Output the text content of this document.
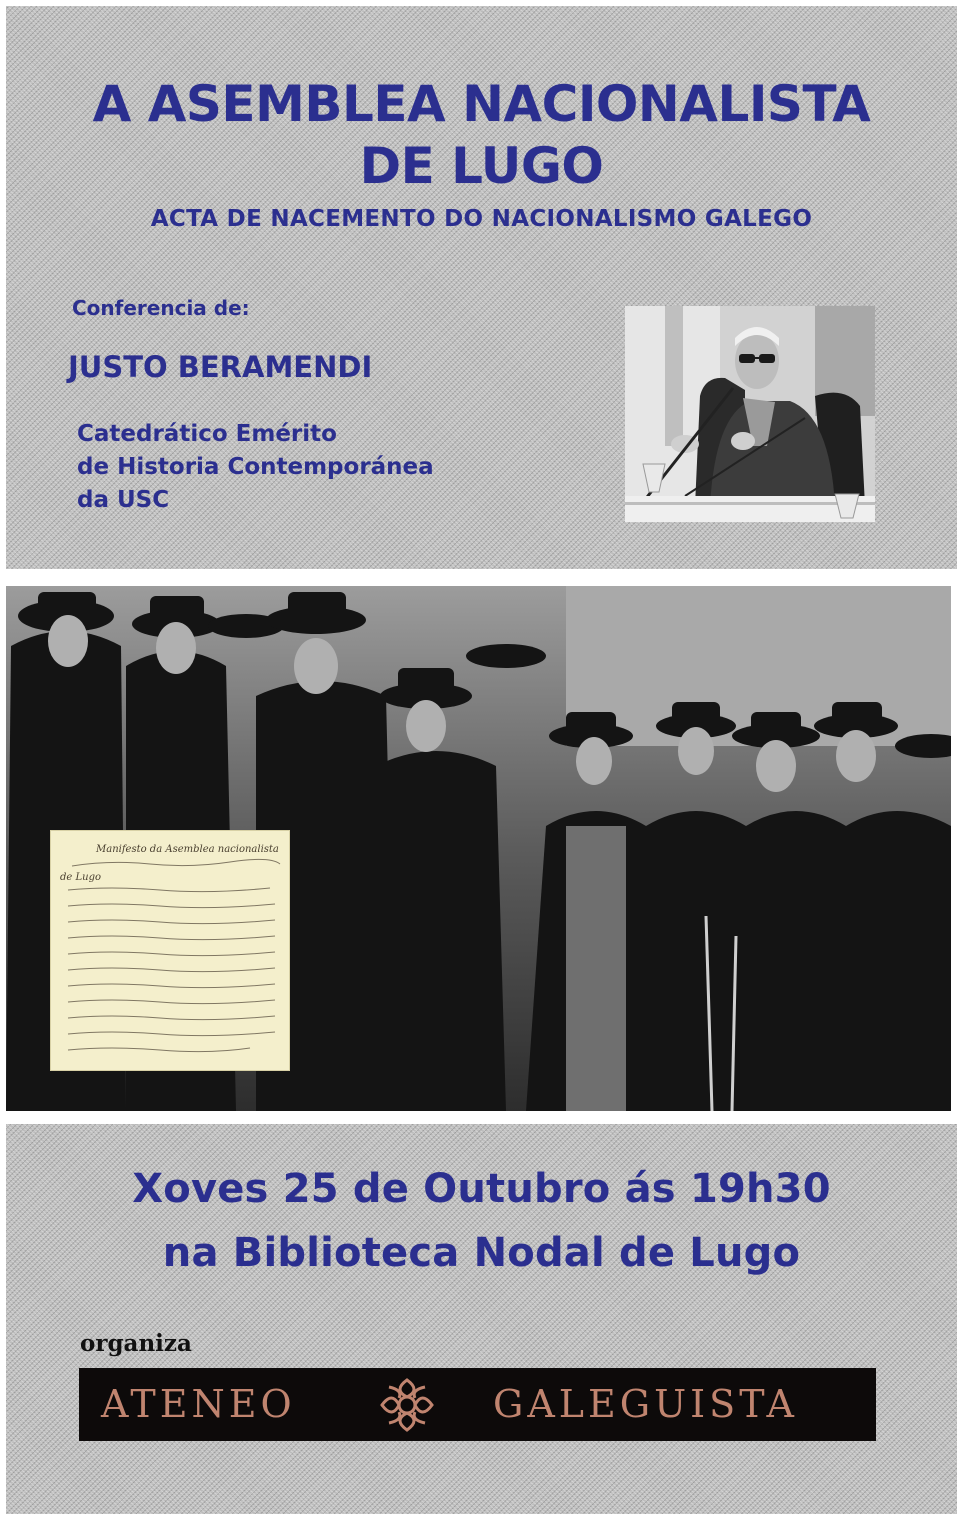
A ASEMBLEA NACIONALISTA
DE LUGO
ACTA DE NACEMENTO DO NACIONALISMO GALEGO
Conferencia de:
JUSTO BERAMENDI
Catedrático Emérito
de Historia Contemporánea
da USC
Manifesto da Asemblea nacionalista
de Lugo
Xoves 25 de Outubro ás 19h30
na Biblioteca Nodal de Lugo
organiza
ATENEO	GALEGUISTA
